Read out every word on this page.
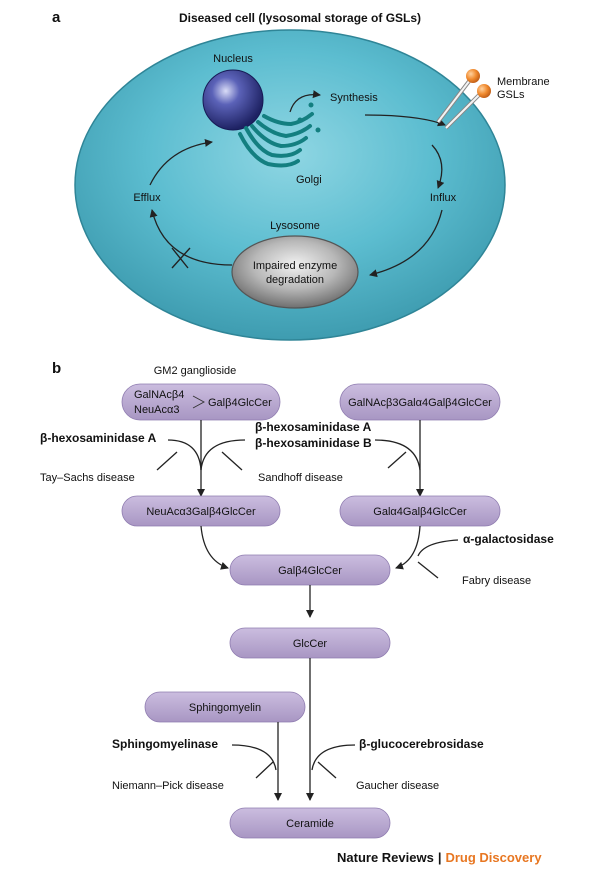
a	Diseased cell (lysosomal storage of GSLs)
Nucleus
Golgi
Synthesis
Membrane
GSLs
Influx
Lysosome
Impaired enzyme
degradation
Efflux
b	GM2 ganglioside
GalNAcβ4
NeuAcα3
Galβ4GlcCer	GalNAcβ3Galα4Galβ4GlcCer
β-hexosaminidase A
Tay–Sachs disease
β-hexosaminidase A
β-hexosaminidase B
Sandhoff disease
NeuAcα3Galβ4GlcCer	Galα4Galβ4GlcCer
α-galactosidase
Fabry disease
Galβ4GlcCer
GlcCer
Sphingomyelin
β-glucocerebrosidase
Gaucher disease
Sphingomyelinase
Niemann–Pick disease
Ceramide
Nature Reviews | Drug Discovery
